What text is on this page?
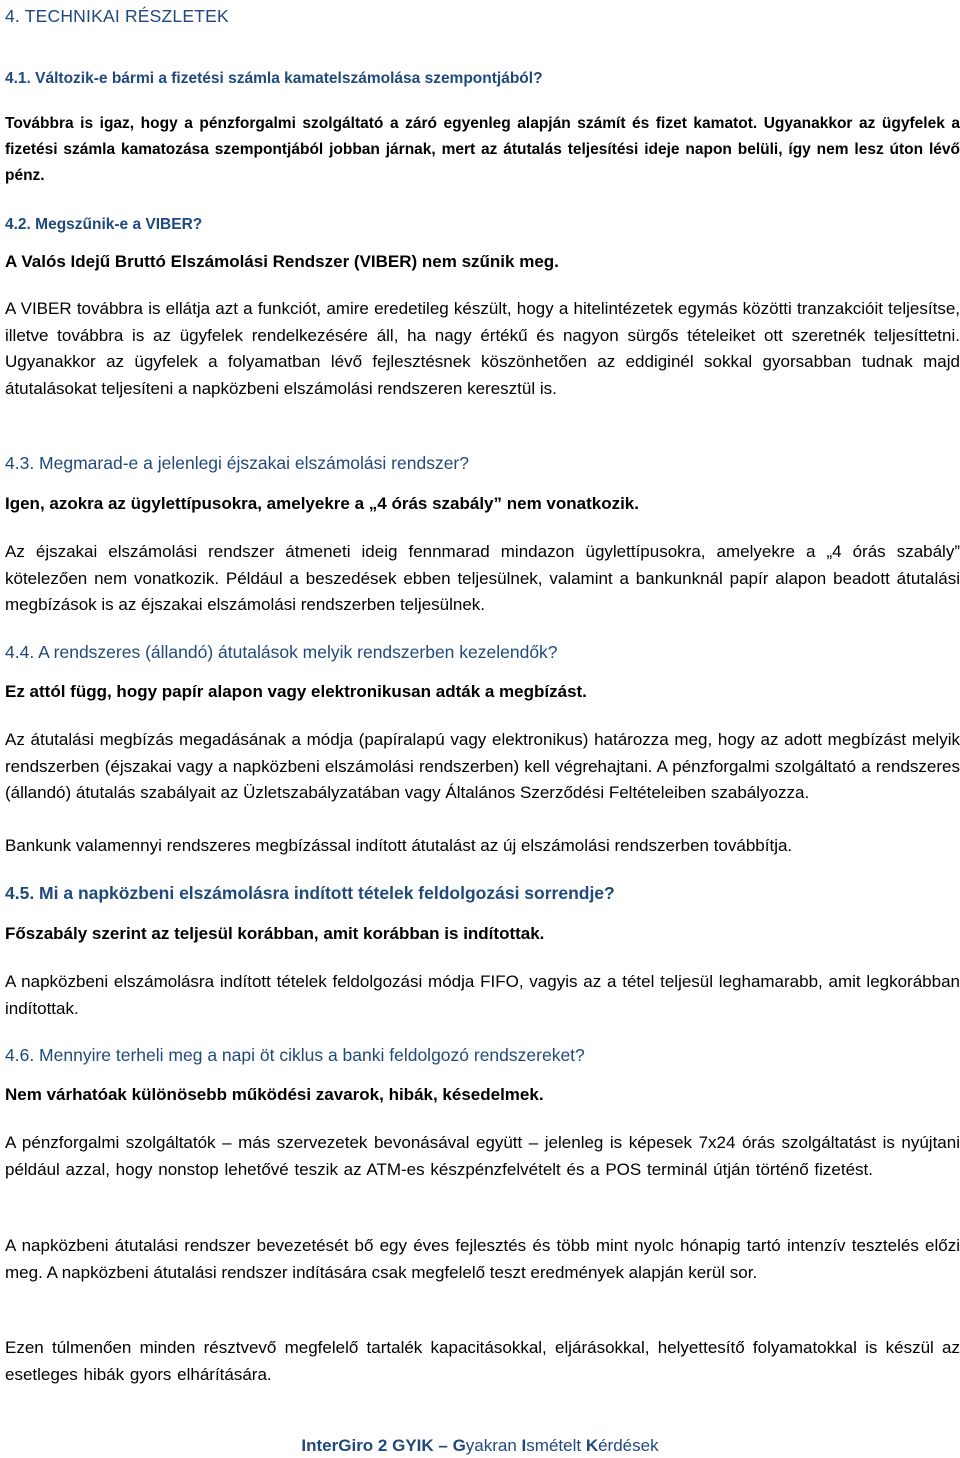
4. TECHNIKAI RÉSZLETEK
4.1. Változik-e bármi a fizetési számla kamatelszámolása szempontjából?
Továbbra is igaz, hogy a pénzforgalmi szolgáltató a záró egyenleg alapján számít és fizet kamatot. Ugyanakkor az ügyfelek a fizetési számla kamatozása szempontjából jobban járnak, mert az átutalás teljesítési ideje napon belüli, így nem lesz úton lévő pénz.
4.2. Megszűnik-e a VIBER?
A Valós Idejű Bruttó Elszámolási Rendszer (VIBER) nem szűnik meg.
A VIBER továbbra is ellátja azt a funkciót, amire eredetileg készült, hogy a hitelintézetek egymás közötti tranzakcióit teljesítse, illetve továbbra is az ügyfelek rendelkezésére áll, ha nagy értékű és nagyon sürgős tételeiket ott szeretnék teljesíttetni. Ugyanakkor az ügyfelek a folyamatban lévő fejlesztésnek köszönhetően az eddiginél sokkal gyorsabban tudnak majd átutalásokat teljesíteni a napközbeni elszámolási rendszeren keresztül is.
4.3. Megmarad-e a jelenlegi éjszakai elszámolási rendszer?
Igen, azokra az ügylettípusokra, amelyekre a „4 órás szabály” nem vonatkozik.
Az éjszakai elszámolási rendszer átmeneti ideig fennmarad mindazon ügylettípusokra, amelyekre a „4 órás szabály” kötelezően nem vonatkozik. Például a beszedések ebben teljesülnek, valamint a bankunknál papír alapon beadott átutalási megbízások is az éjszakai elszámolási rendszerben teljesülnek.
4.4. A rendszeres (állandó) átutalások melyik rendszerben kezelendők?
Ez attól függ, hogy papír alapon vagy elektronikusan adták a megbízást.
Az átutalási megbízás megadásának a módja (papíralapú vagy elektronikus) határozza meg, hogy az adott megbízást melyik rendszerben (éjszakai vagy a napközbeni elszámolási rendszerben) kell végrehajtani. A pénzforgalmi szolgáltató a rendszeres (állandó) átutalás szabályait az Üzletszabályzatában vagy Általános Szerződési Feltételeiben szabályozza.
Bankunk valamennyi rendszeres megbízással indított átutalást az új elszámolási rendszerben továbbítja.
4.5. Mi a napközbeni elszámolásra indított tételek feldolgozási sorrendje?
Főszabály szerint az teljesül korábban, amit korábban is indítottak.
A napközbeni elszámolásra indított tételek feldolgozási módja FIFO, vagyis az a tétel teljesül leghamarabb, amit legkorábban indítottak.
4.6. Mennyire terheli meg a napi öt ciklus a banki feldolgozó rendszereket?
Nem várhatóak különösebb működési zavarok, hibák, késedelmek.
A pénzforgalmi szolgáltatók – más szervezetek bevonásával együtt – jelenleg is képesek 7x24 órás szolgáltatást is nyújtani például azzal, hogy nonstop lehetővé teszik az ATM-es készpénzfelvételt és a POS terminál útján történő fizetést.
A napközbeni átutalási rendszer bevezetését bő egy éves fejlesztés és több mint nyolc hónapig tartó intenzív tesztelés előzi meg. A napközbeni átutalási rendszer indítására csak megfelelő teszt eredmények alapján kerül sor.
Ezen túlmenően minden résztvevő megfelelő tartalék kapacitásokkal, eljárásokkal, helyettesítő folyamatokkal is készül az esetleges hibák gyors elhárítására.
InterGiro 2 GYIK – Gyakran Ismételt Kérdések
